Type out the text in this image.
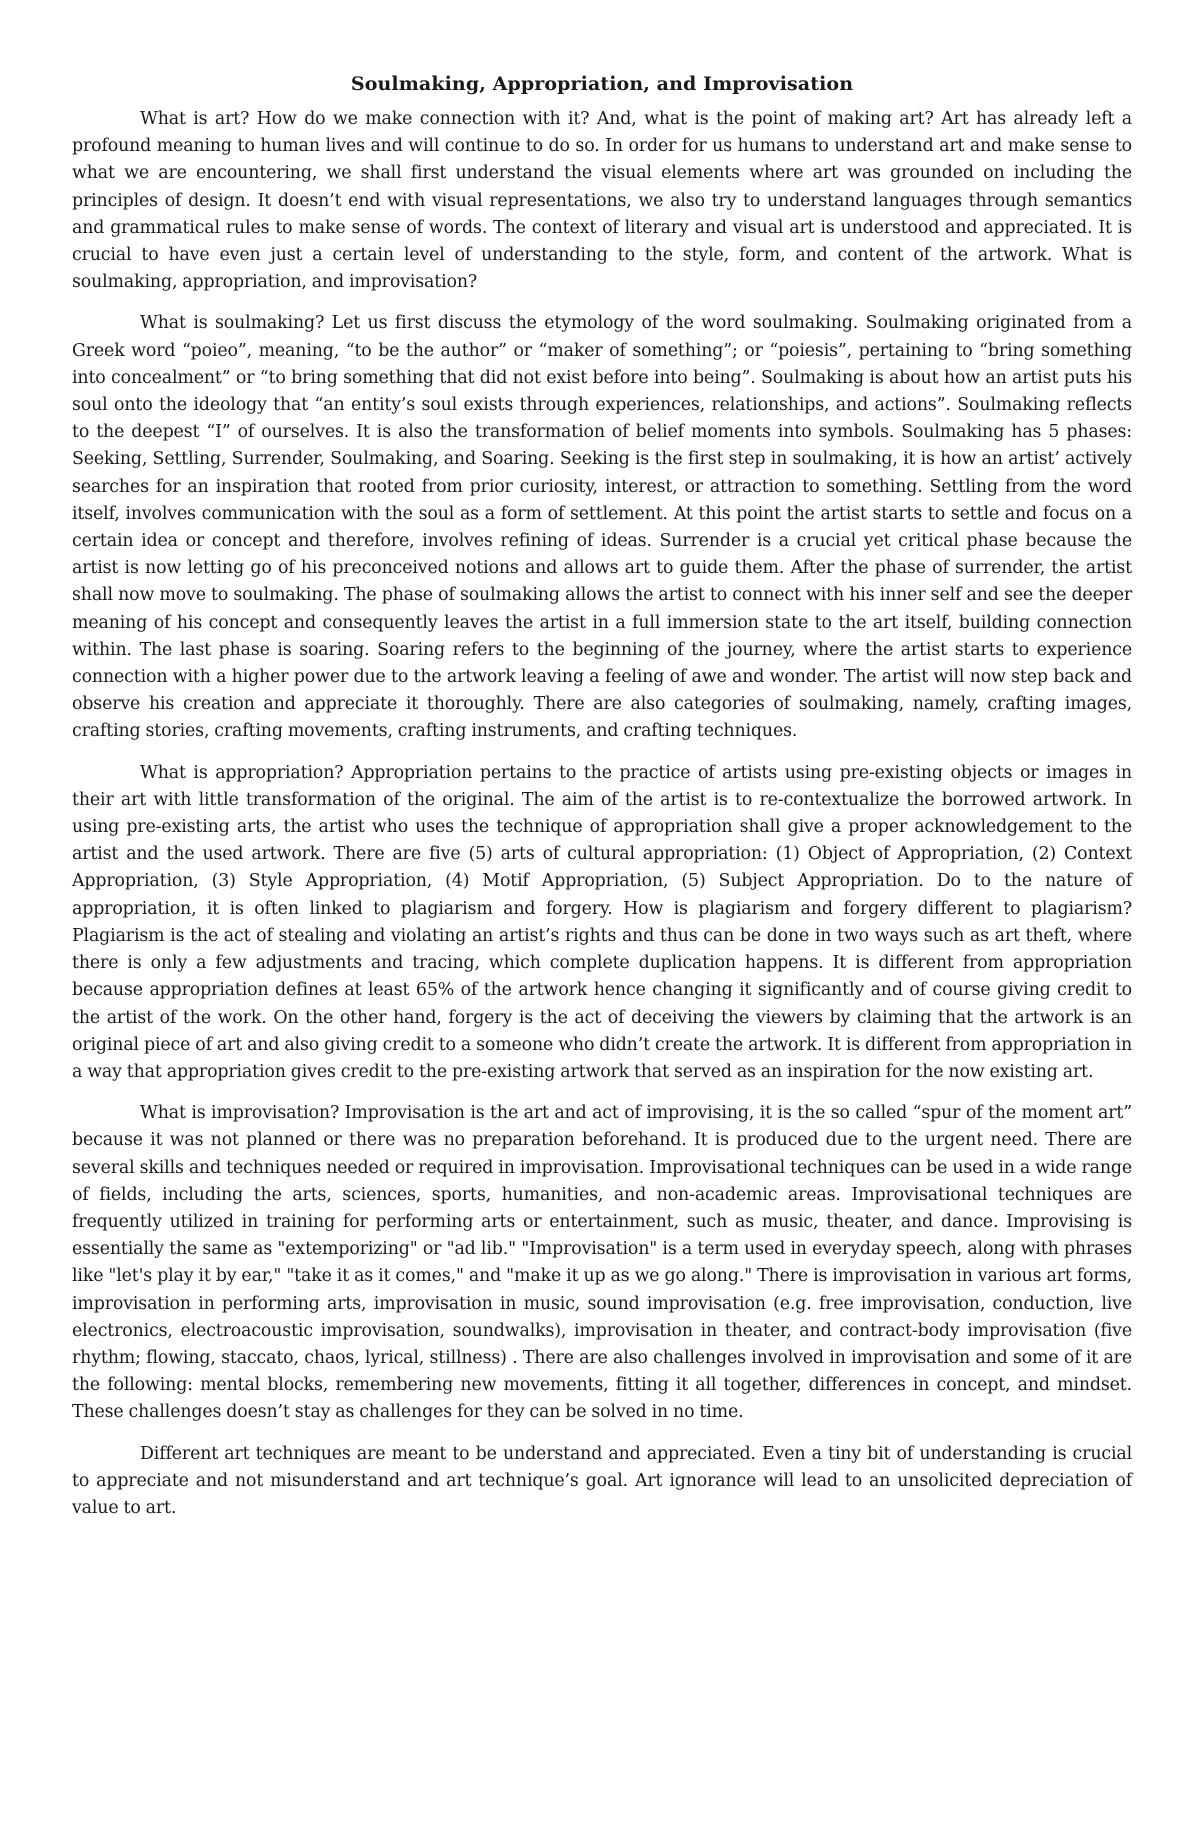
Soulmaking, Appropriation, and Improvisation

What is art? How do we make connection with it? And, what is the point of making art? Art has already left a profound meaning to human lives and will continue to do so. In order for us humans to understand art and make sense to what we are encountering, we shall first understand the visual elements where art was grounded on including the principles of design. It doesn’t end with visual representations, we also try to understand languages through semantics and grammatical rules to make sense of words. The context of literary and visual art is understood and appreciated. It is crucial to have even just a certain level of understanding to the style, form, and content of the artwork. What is soulmaking, appropriation, and improvisation?

What is soulmaking? Let us first discuss the etymology of the word soulmaking. Soulmaking originated from a Greek word “poieo”, meaning, “to be the author” or “maker of something”; or “poiesis”, pertaining to “bring something into concealment” or “to bring something that did not exist before into being”. Soulmaking is about how an artist puts his soul onto the ideology that “an entity’s soul exists through experiences, relationships, and actions”. Soulmaking reflects to the deepest “I” of ourselves. It is also the transformation of belief moments into symbols. Soulmaking has 5 phases: Seeking, Settling, Surrender, Soulmaking, and Soaring. Seeking is the first step in soulmaking, it is how an artist’ actively searches for an inspiration that rooted from prior curiosity, interest, or attraction to something. Settling from the word itself, involves communication with the soul as a form of settlement. At this point the artist starts to settle and focus on a certain idea or concept and therefore, involves refining of ideas. Surrender is a crucial yet critical phase because the artist is now letting go of his preconceived notions and allows art to guide them. After the phase of surrender, the artist shall now move to soulmaking. The phase of soulmaking allows the artist to connect with his inner self and see the deeper meaning of his concept and consequently leaves the artist in a full immersion state to the art itself, building connection within. The last phase is soaring. Soaring refers to the beginning of the journey, where the artist starts to experience connection with a higher power due to the artwork leaving a feeling of awe and wonder. The artist will now step back and observe his creation and appreciate it thoroughly. There are also categories of soulmaking, namely, crafting images, crafting stories, crafting movements, crafting instruments, and crafting techniques.

What is appropriation? Appropriation pertains to the practice of artists using pre-existing objects or images in their art with little transformation of the original. The aim of the artist is to re-contextualize the borrowed artwork. In using pre-existing arts, the artist who uses the technique of appropriation shall give a proper acknowledgement to the artist and the used artwork. There are five (5) arts of cultural appropriation: (1) Object of Appropriation, (2) Context Appropriation, (3) Style Appropriation, (4) Motif Appropriation, (5) Subject Appropriation. Do to the nature of appropriation, it is often linked to plagiarism and forgery. How is plagiarism and forgery different to plagiarism? Plagiarism is the act of stealing and violating an artist’s rights and thus can be done in two ways such as art theft, where there is only a few adjustments and tracing, which complete duplication happens. It is different from appropriation because appropriation defines at least 65% of the artwork hence changing it significantly and of course giving credit to the artist of the work. On the other hand, forgery is the act of deceiving the viewers by claiming that the artwork is an original piece of art and also giving credit to a someone who didn’t create the artwork. It is different from appropriation in a way that appropriation gives credit to the pre-existing artwork that served as an inspiration for the now existing art.

What is improvisation? Improvisation is the art and act of improvising, it is the so called “spur of the moment art” because it was not planned or there was no preparation beforehand. It is produced due to the urgent need. There are several skills and techniques needed or required in improvisation. Improvisational techniques can be used in a wide range of fields, including the arts, sciences, sports, humanities, and non-academic areas. Improvisational techniques are frequently utilized in training for performing arts or entertainment, such as music, theater, and dance. Improvising is essentially the same as "extemporizing" or "ad lib." "Improvisation" is a term used in everyday speech, along with phrases like "let's play it by ear," "take it as it comes," and "make it up as we go along." There is improvisation in various art forms, improvisation in performing arts, improvisation in music, sound improvisation (e.g. free improvisation, conduction, live electronics, electroacoustic improvisation, soundwalks), improvisation in theater, and contract-body improvisation (five rhythm; flowing, staccato, chaos, lyrical, stillness) . There are also challenges involved in improvisation and some of it are the following: mental blocks, remembering new movements, fitting it all together, differences in concept, and mindset. These challenges doesn’t stay as challenges for they can be solved in no time.

Different art techniques are meant to be understand and appreciated. Even a tiny bit of understanding is crucial to appreciate and not misunderstand and art technique’s goal. Art ignorance will lead to an unsolicited depreciation of value to art.
